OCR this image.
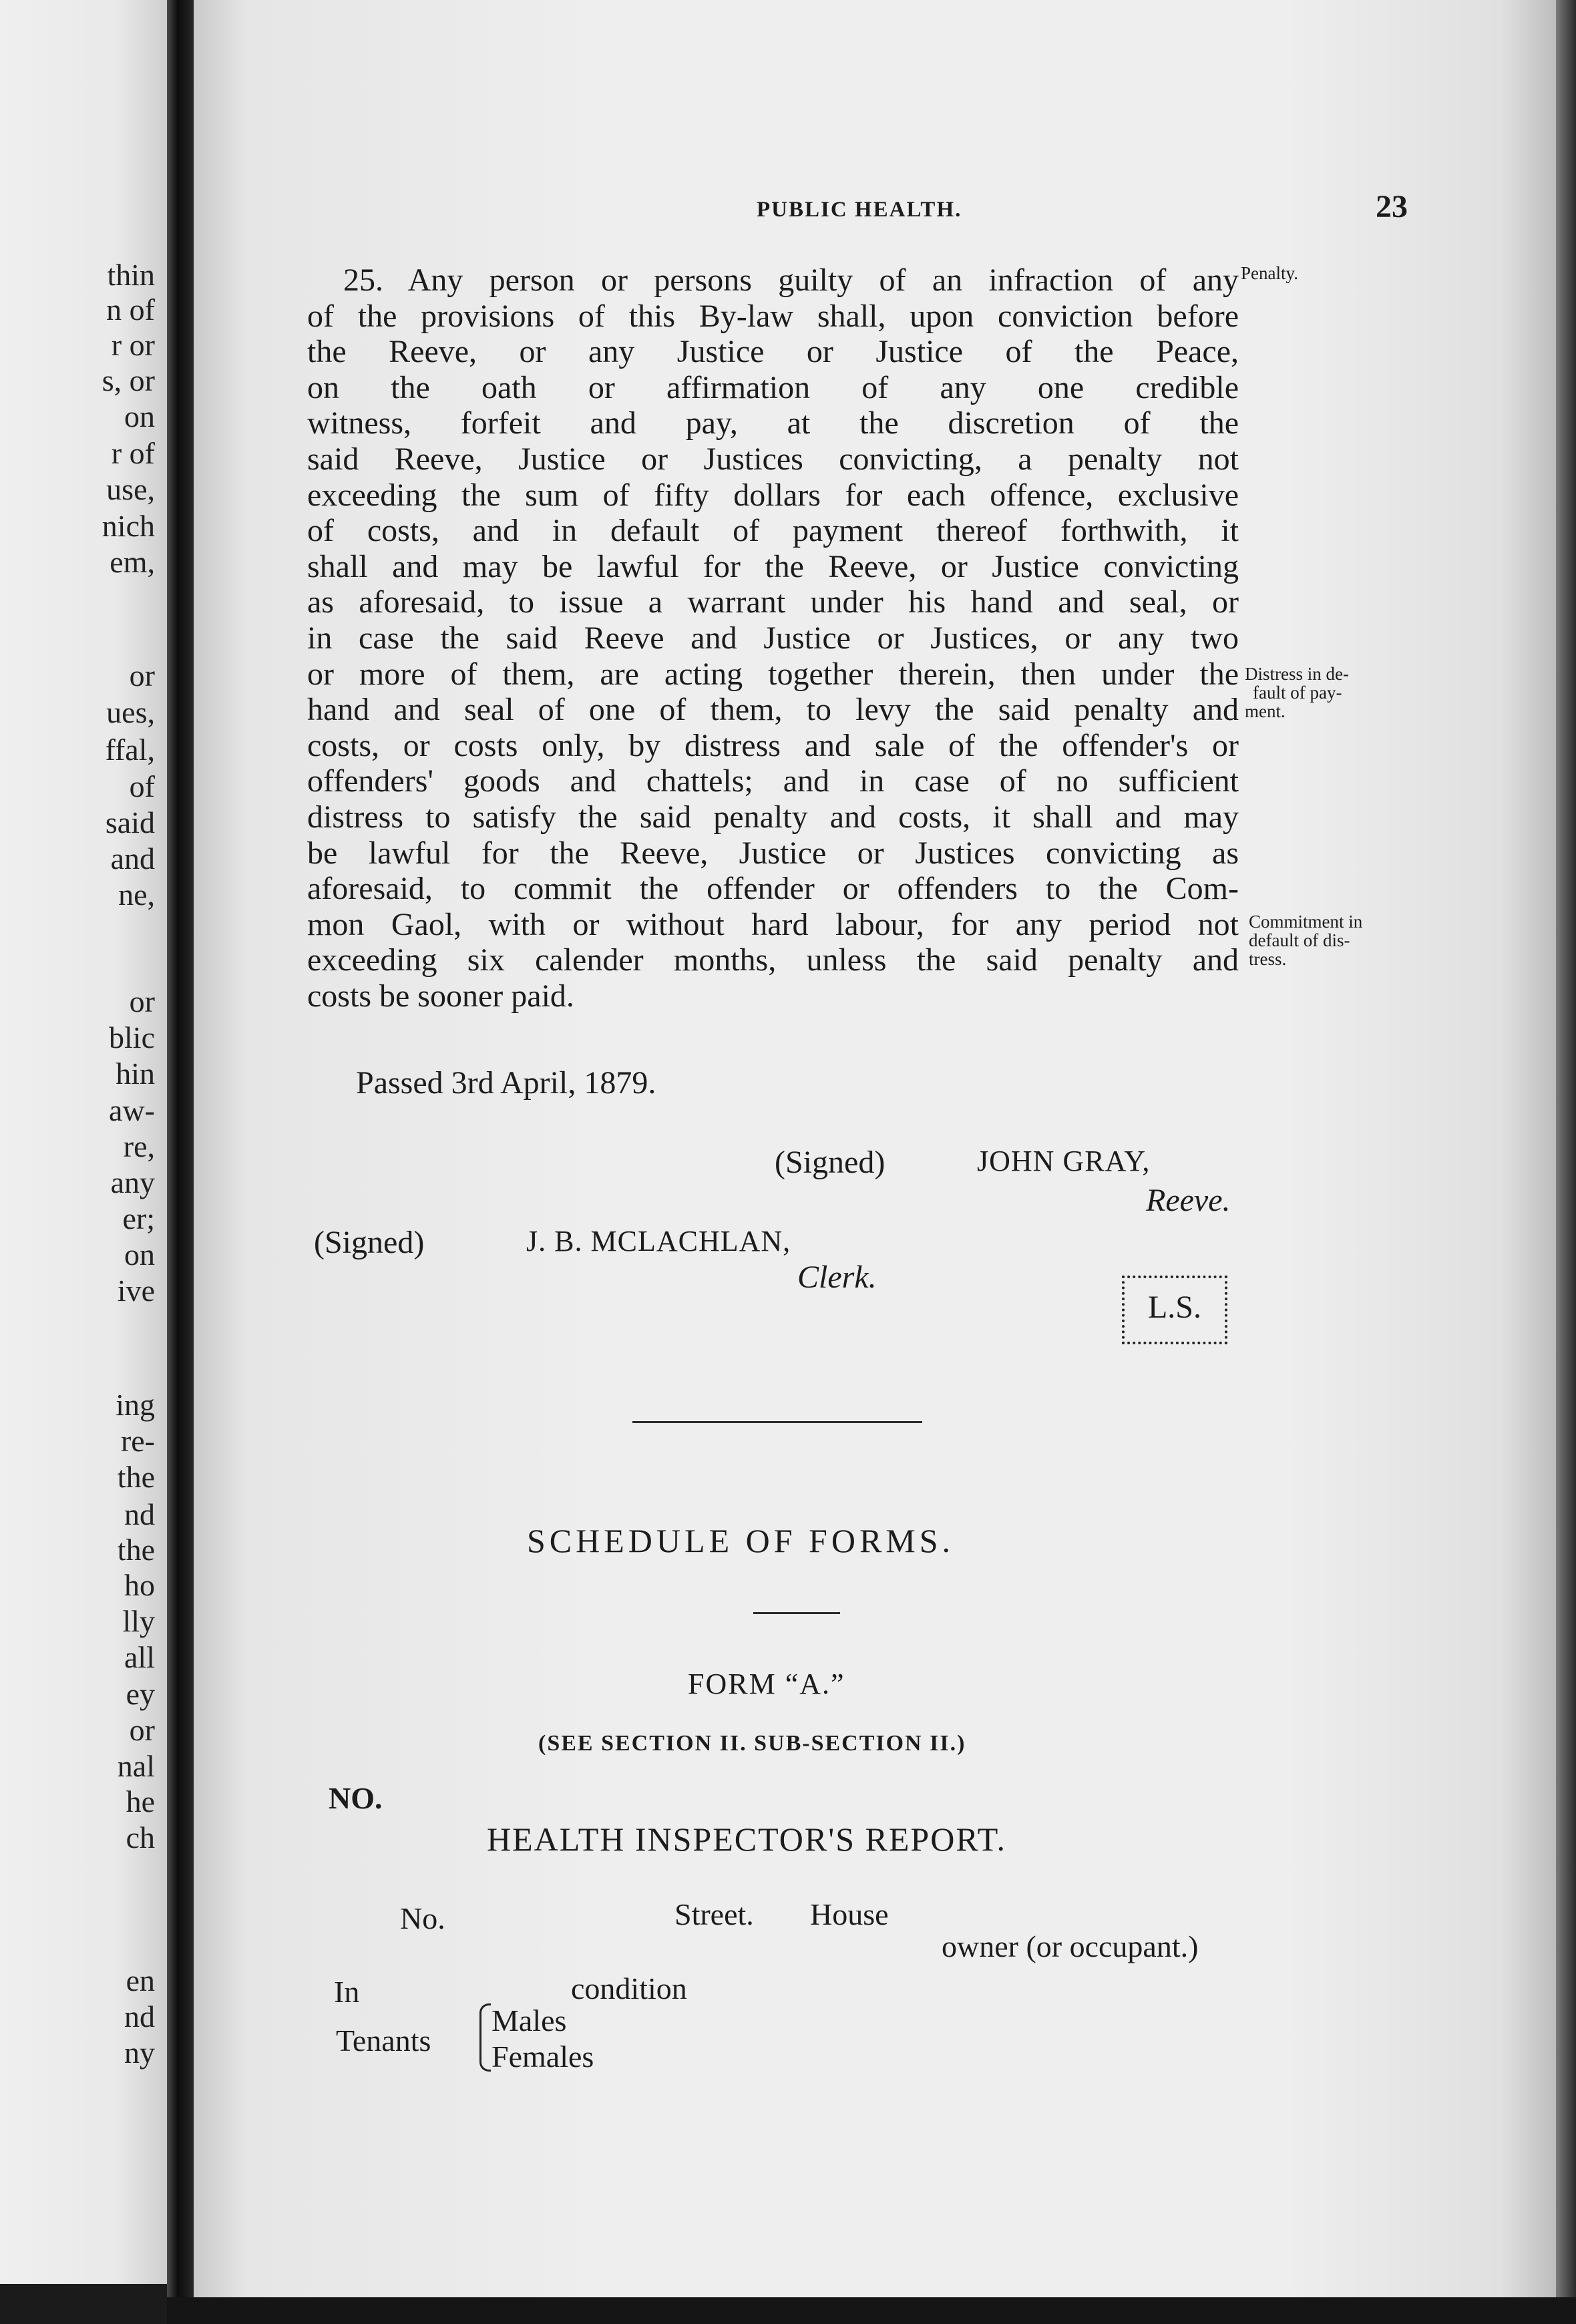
thin
n of
r or
s, or
on
r of
use,
nich
em,
or
ues,
ffal,
of
said
and
ne,
or
blic
hin
aw-
re,
any
er;
on
ive
ing
re-
the
nd
the
ho
lly
all
ey
or
nal
he
ch
en
nd
ny
PUBLIC HEALTH.	23
25. Any person or persons guilty of an infraction of any
of the provisions of this By-law shall, upon conviction before
the Reeve, or any Justice or Justice of the Peace,
on the oath or affirmation of any one credible
witness, forfeit and pay, at the discretion of the
said Reeve, Justice or Justices convicting, a penalty not
exceeding the sum of fifty dollars for each offence, exclusive
of costs, and in default of payment thereof forthwith, it
shall and may be lawful for the Reeve, or Justice convicting
as aforesaid, to issue a warrant under his hand and seal, or
in case the said Reeve and Justice or Justices, or any two
or more of them, are acting together therein, then under the
hand and seal of one of them, to levy the said penalty and
costs, or costs only, by distress and sale of the offender's or
offenders' goods and chattels; and in case of no sufficient
distress to satisfy the said penalty and costs, it shall and may
be lawful for the Reeve, Justice or Justices convicting as
aforesaid, to commit the offender or offenders to the Com-
mon Gaol, with or without hard labour, for any period not
exceeding six calender months, unless the said penalty and
costs be sooner paid.
Penalty.
Distress in de-
fault of pay-
ment.
Commitment in
default of dis-
tress.
Passed 3rd April, 1879.
(Signed)	JOHN GRAY,
Reeve.
(Signed)	J. B. MCLACHLAN,
Clerk.
L.S.
SCHEDULE OF FORMS.
FORM “A.”
(SEE SECTION II. SUB-SECTION II.)
NO.
HEALTH INSPECTOR'S REPORT.
No.	Street. House
owner (or occupant.)
In	condition
Tenants
Males
Females
